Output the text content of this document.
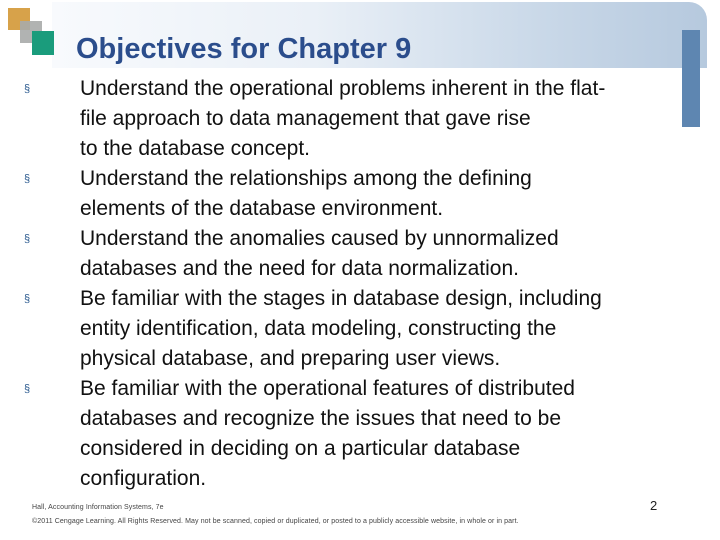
Objectives for Chapter 9
§	Understand the operational problems inherent in the flat-
file approach to data management that gave rise
to the database concept.
§	Understand the relationships among the defining
elements of the database environment.
§	Understand the anomalies caused by unnormalized
databases and the need for data normalization.
§	Be familiar with the stages in database design, including
entity identification, data modeling, constructing the
physical database, and preparing user views.
§	Be familiar with the operational features of distributed
databases and recognize the issues that need to be
considered in deciding on a particular database
configuration.
Hall, Accounting Information Systems, 7e
©2011 Cengage Learning. All Rights Reserved. May not be scanned, copied or duplicated, or posted to a publicly accessible website, in whole or in part.
2
